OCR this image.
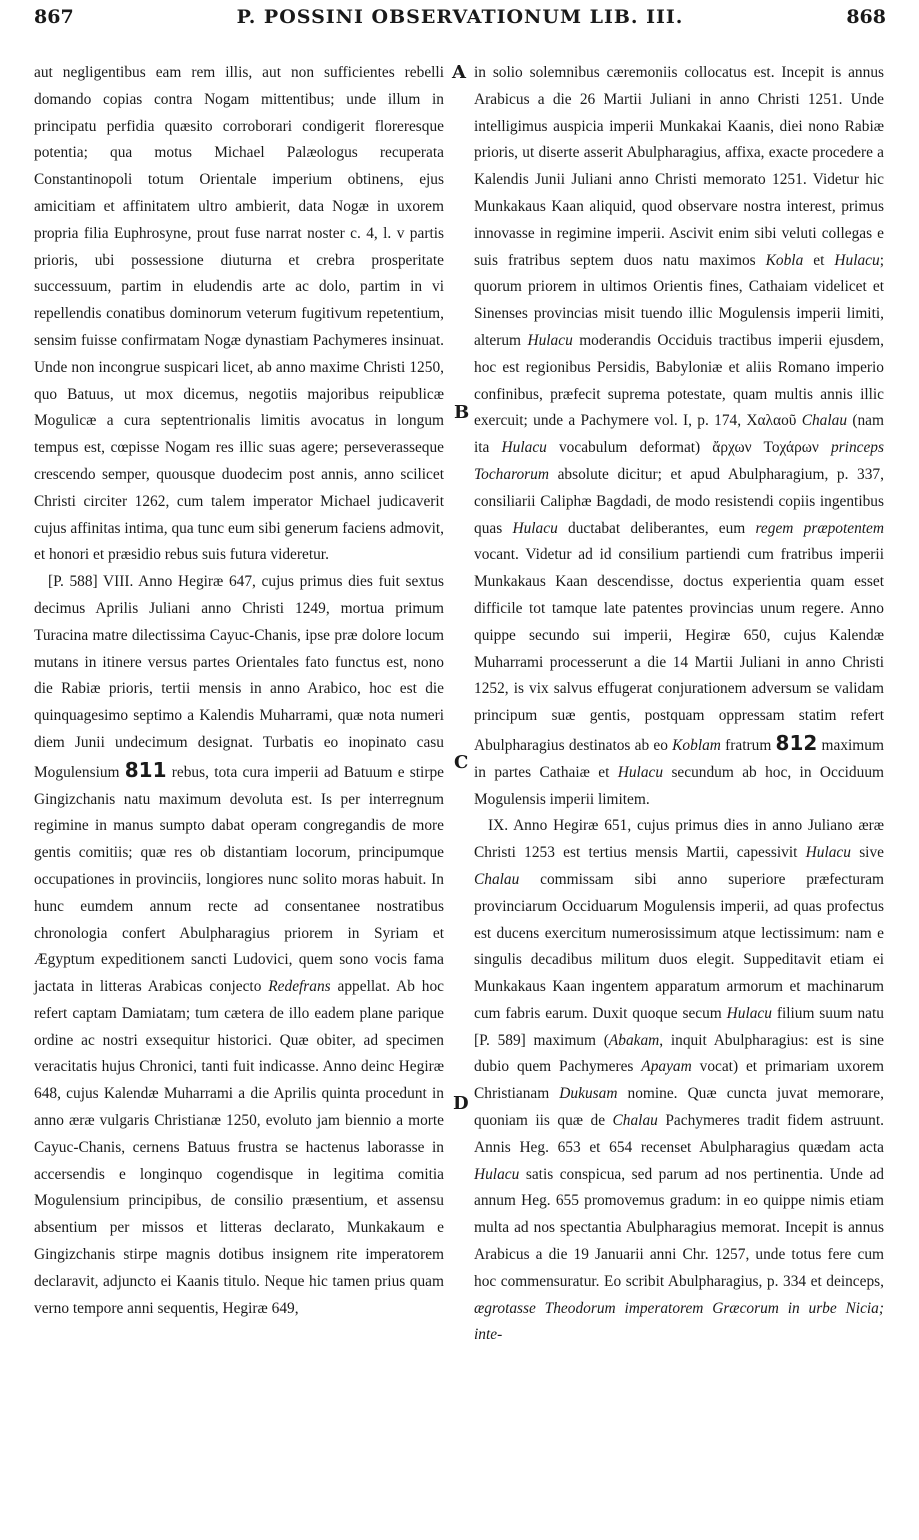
867	P. POSSINI OBSERVATIONUM LIB. III.	868
A
B
C
D

aut negligentibus eam rem illis, aut non sufficientes rebelli domando copias contra Nogam mittentibus; unde illum in principatu perfidia quæsito corroborari condigerit floreresque potentia; qua motus Michael Palæologus recuperata Constantinopoli totum Orientale imperium obtinens, ejus amicitiam et affinitatem ultro ambierit, data Nogæ in uxorem propria filia Euphrosyne, prout fuse narrat noster c. 4, l. v partis prioris, ubi possessione diuturna et crebra prosperitate successuum, partim in eludendis arte ac dolo, partim in vi repellendis conatibus dominorum veterum fugitivum repetentium, sensim fuisse confirmatam Nogæ dynastiam Pachymeres insinuat. Unde non incongrue suspicari licet, ab anno maxime Christi 1250, quo Batuus, ut mox dicemus, negotiis majoribus reipublicæ Mogulicæ a cura septentrionalis limitis avocatus in longum tempus est, cœpisse Nogam res illic suas agere; perseverasseque crescendo semper, quousque duodecim post annis, anno scilicet Christi circiter 1262, cum talem imperator Michael judicaverit cujus affinitas intima, qua tunc eum sibi generum faciens admovit, et honori et præsidio rebus suis futura videretur.

[P. 588] VIII. Anno Hegiræ 647, cujus primus dies fuit sextus decimus Aprilis Juliani anno Christi 1249, mortua primum Turacina matre dilectissima Cayuc-Chanis, ipse præ dolore locum mutans in itinere versus partes Orientales fato functus est, nono die Rabiæ prioris, tertii mensis in anno Arabico, hoc est die quinquagesimo septimo a Kalendis Muharrami, quæ nota numeri diem Junii undecimum designat. Turbatis eo inopinato casu Mogulensium 811 rebus, tota cura imperii ad Batuum e stirpe Gingizchanis natu maximum devoluta est. Is per interregnum regimine in manus sumpto dabat operam congregandis de more gentis comitiis; quæ res ob distantiam locorum, principumque occupationes in provinciis, longiores nunc solito moras habuit. In hunc eumdem annum recte ad consentanee nostratibus chronologia confert Abulpharagius priorem in Syriam et Ægyptum expeditionem sancti Ludovici, quem sono vocis fama jactata in litteras Arabicas conjecto Redefrans appellat. Ab hoc refert captam Damiatam; tum cætera de illo eadem plane parique ordine ac nostri exsequitur historici. Quæ obiter, ad specimen veracitatis hujus Chronici, tanti fuit indicasse. Anno deinc Hegiræ 648, cujus Kalendæ Muharrami a die Aprilis quinta procedunt in anno æræ vulgaris Christianæ 1250, evoluto jam biennio a morte Cayuc-Chanis, cernens Batuus frustra se hactenus laborasse in accersendis e longinquo cogendisque in legitima comitia Mogulensium principibus, de consilio præsentium, et assensu absentium per missos et litteras declarato, Munkakaum e Gingizchanis stirpe magnis dotibus insignem rite imperatorem declaravit, adjuncto ei Kaanis titulo. Neque hic tamen prius quam verno tempore anni sequentis, Hegiræ 649,

in solio solemnibus cæremoniis collocatus est. Incepit is annus Arabicus a die 26 Martii Juliani in anno Christi 1251. Unde intelligimus auspicia imperii Munkakai Kaanis, diei nono Rabiæ prioris, ut diserte asserit Abulpharagius, affixa, exacte procedere a Kalendis Junii Juliani anno Christi memorato 1251. Videtur hic Munkakaus Kaan aliquid, quod observare nostra interest, primus innovasse in regimine imperii. Ascivit enim sibi veluti collegas e suis fratribus septem duos natu maximos Kobla et Hulacu; quorum priorem in ultimos Orientis fines, Cathaiam videlicet et Sinenses provincias misit tuendo illic Mogulensis imperii limiti, alterum Hulacu moderandis Occiduis tractibus imperii ejusdem, hoc est regionibus Persidis, Babyloniæ et aliis Romano imperio confinibus, præfecit suprema potestate, quam multis annis illic exercuit; unde a Pachymere vol. I, p. 174, Χαλαοῦ Chalau (nam ita Hulacu vocabulum deformat) ἄρχων Τοχάρων princeps Tocharorum absolute dicitur; et apud Abulpharagium, p. 337, consiliarii Caliphæ Bagdadi, de modo resistendi copiis ingentibus quas Hulacu ductabat deliberantes, eum regem præpotentem vocant. Videtur ad id consilium partiendi cum fratribus imperii Munkakaus Kaan descendisse, doctus experientia quam esset difficile tot tamque late patentes provincias unum regere. Anno quippe secundo sui imperii, Hegiræ 650, cujus Kalendæ Muharrami processerunt a die 14 Martii Juliani in anno Christi 1252, is vix salvus effugerat conjurationem adversum se validam principum suæ gentis, postquam oppressam statim refert Abulpharagius destinatos ab eo Koblam fratrum 812 maximum in partes Cathaiæ et Hulacu secundum ab hoc, in Occiduum Mogulensis imperii limitem.

IX. Anno Hegiræ 651, cujus primus dies in anno Juliano æræ Christi 1253 est tertius mensis Martii, capessivit Hulacu sive Chalau commissam sibi anno superiore præfecturam provinciarum Occiduarum Mogulensis imperii, ad quas profectus est ducens exercitum numerosissimum atque lectissimum: nam e singulis decadibus militum duos elegit. Suppeditavit etiam ei Munkakaus Kaan ingentem apparatum armorum et machinarum cum fabris earum. Duxit quoque secum Hulacu filium suum natu [P. 589] maximum (Abakam, inquit Abulpharagius: est is sine dubio quem Pachymeres Apayam vocat) et primariam uxorem Christianam Dukusam nomine. Quæ cuncta juvat memorare, quoniam iis quæ de Chalau Pachymeres tradit fidem astruunt. Annis Heg. 653 et 654 recenset Abulpharagius quædam acta Hulacu satis conspicua, sed parum ad nos pertinentia. Unde ad annum Heg. 655 promovemus gradum: in eo quippe nimis etiam multa ad nos spectantia Abulpharagius memorat. Incepit is annus Arabicus a die 19 Januarii anni Chr. 1257, unde totus fere cum hoc commensuratur. Eo scribit Abulpharagius, p. 334 et deinceps, ægrotasse Theodorum imperatorem Græcorum in urbe Nicia; inte-
